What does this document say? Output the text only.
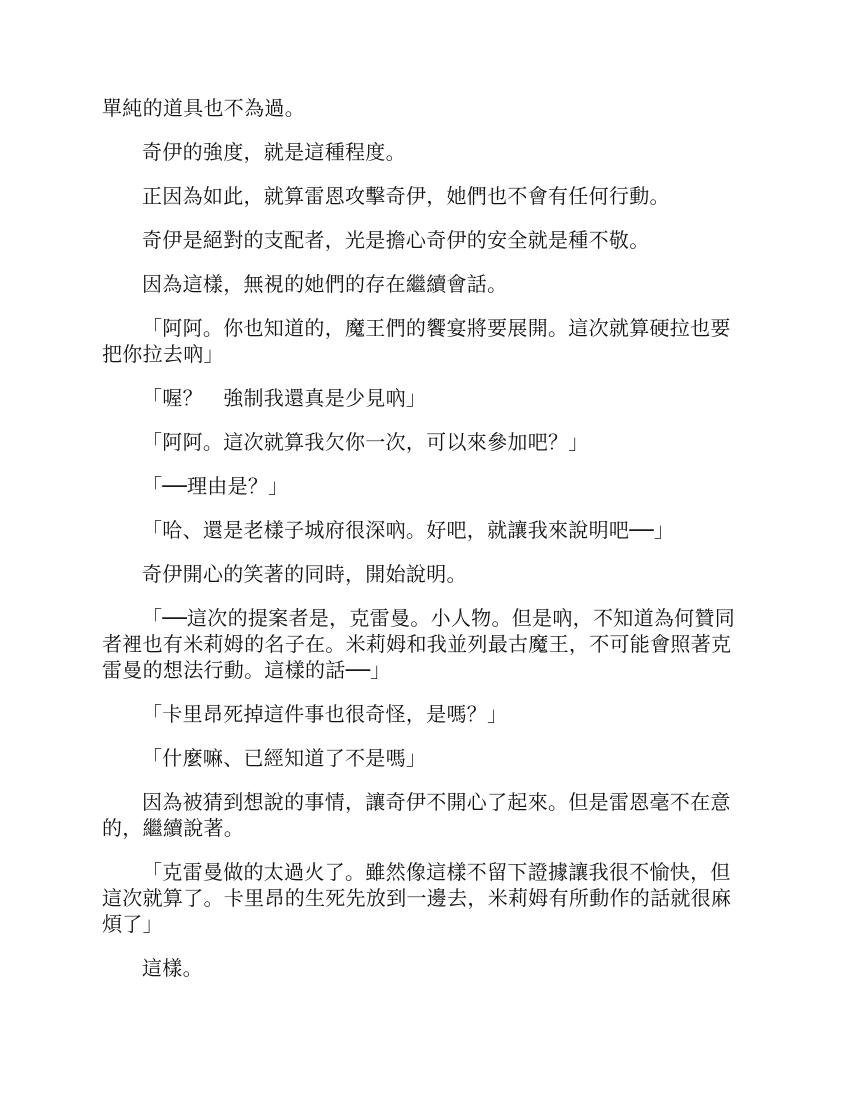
單純的道具也不為過。

奇伊的強度，就是這種程度。

正因為如此，就算雷恩攻擊奇伊，她們也不會有任何行動。

奇伊是絕對的支配者，光是擔心奇伊的安全就是種不敬。

因為這樣，無視的她們的存在繼續會話。

「阿阿。你也知道的，魔王們的饗宴將要展開。這次就算硬拉也要把你拉去吶」

「喔？　強制我還真是少見吶」

「阿阿。這次就算我欠你一次，可以來參加吧？」

「──理由是？」

「哈、還是老樣子城府很深吶。好吧，就讓我來說明吧──」

奇伊開心的笑著的同時，開始說明。

「──這次的提案者是，克雷曼。小人物。但是吶，不知道為何贊同者裡也有米莉姆的名子在。米莉姆和我並列最古魔王，不可能會照著克雷曼的想法行動。這樣的話──」

「卡里昂死掉這件事也很奇怪，是嗎？」

「什麼嘛、已經知道了不是嗎」

因為被猜到想說的事情，讓奇伊不開心了起來。但是雷恩毫不在意的，繼續說著。

「克雷曼做的太過火了。雖然像這樣不留下證據讓我很不愉快，但這次就算了。卡里昂的生死先放到一邊去，米莉姆有所動作的話就很麻煩了」

這樣。
